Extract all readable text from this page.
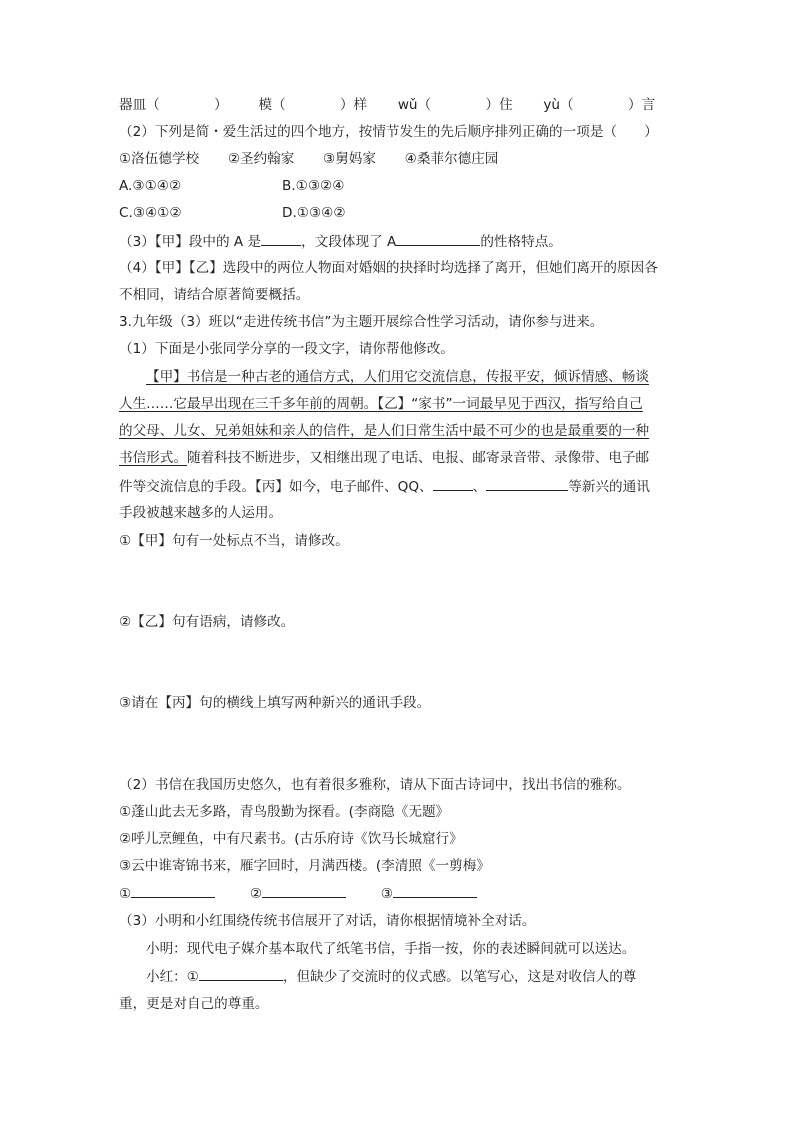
器皿（　　　　） 模（　　　　）样 wǔ（　　　　）住 yù（　　　　）言
（2）下列是简・爱生活过的四个地方，按情节发生的先后顺序排列正确的一项是（　　）
①洛伍德学校 ②圣约翰家 ③舅妈家 ④桑菲尔德庄园
A.③①④②	B.①③②④
C.③④①②	D.①③④②
（3）【甲】段中的 A 是	，文段体现了 A	的性格特点。
（4）【甲】【乙】选段中的两位人物面对婚姻的抉择时均选择了离开，但她们离开的原因各
不相同，请结合原著简要概括。
3.九年级（3）班以“走进传统书信”为主题开展综合性学习活动，请你参与进来。
（1）下面是小张同学分享的一段文字，请你帮他修改。
【甲】书信是一种古老的通信方式，人们用它交流信息，传报平安，倾诉情感、畅谈
人生……它最早出现在三千多年前的周朝。【乙】“家书”一词最早见于西汉，指写给自己
的父母、儿女、兄弟姐妹和亲人的信件，是人们日常生活中最不可少的也是最重要的一种
书信形式。随着科技不断进步，又相继出现了电话、电报、邮寄录音带、录像带、电子邮
件等交流信息的手段。【丙】如今，电子邮件、QQ、	、	等新兴的通讯
手段被越来越多的人运用。
①【甲】句有一处标点不当，请修改。
②【乙】句有语病，请修改。
③请在【丙】句的横线上填写两种新兴的通讯手段。
（2）书信在我国历史悠久，也有着很多雅称，请从下面古诗词中，找出书信的雅称。
①蓬山此去无多路，青鸟殷勤为探看。(李商隐《无题》
②呼儿烹鲤鱼，中有尺素书。(古乐府诗《饮马长城窟行》
③云中谁寄锦书来，雁字回时，月满西楼。(李清照《一剪梅》
①	②	③
（3）小明和小红围绕传统书信展开了对话，请你根据情境补全对话。
小明：现代电子媒介基本取代了纸笔书信，手指一按，你的表述瞬间就可以送达。
小红：①	，但缺少了交流时的仪式感。以笔写心，这是对收信人的尊
重，更是对自己的尊重。
